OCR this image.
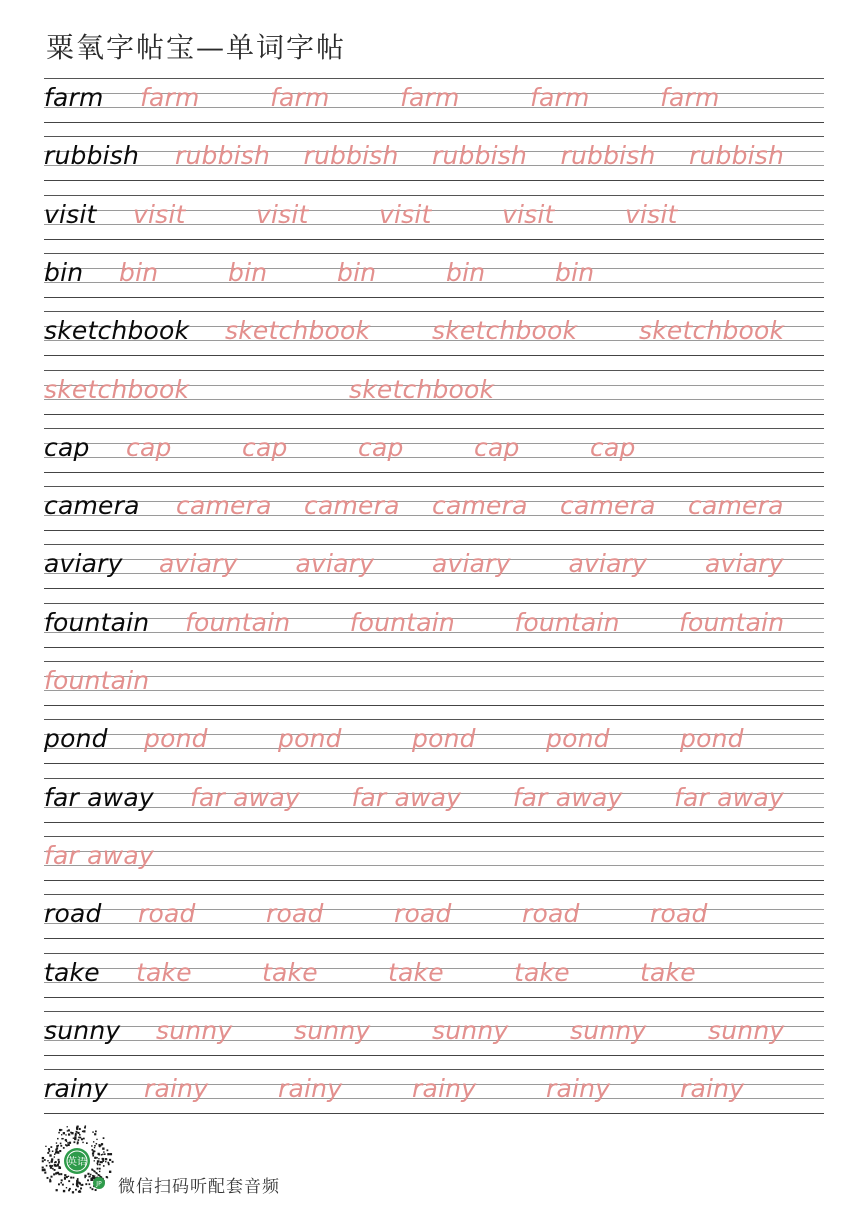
粟氧字帖宝—单词字帖
farm farm	farm	farm	farm	farm
rubbish rubbish rubbish rubbish rubbish rubbish
visit visit	visit	visit	visit	visit
bin bin	bin	bin	bin	bin
sketchbook sketchbook sketchbook sketchbook
sketchbook	sketchbook
cap cap	cap	cap	cap	cap
camera camera camera camera camera camera
aviary aviary aviary aviary aviary aviary
fountain fountain fountain fountain fountain
fountain
pond pond	pond	pond	pond	pond
far away far away far away far away far away
far away
road road	road	road	road	road
take take	take	take	take	take
sunny sunny sunny sunny sunny sunny
rainy rainy	rainy	rainy	rainy	rainy
英语
JP 微信扫码听配套音频
